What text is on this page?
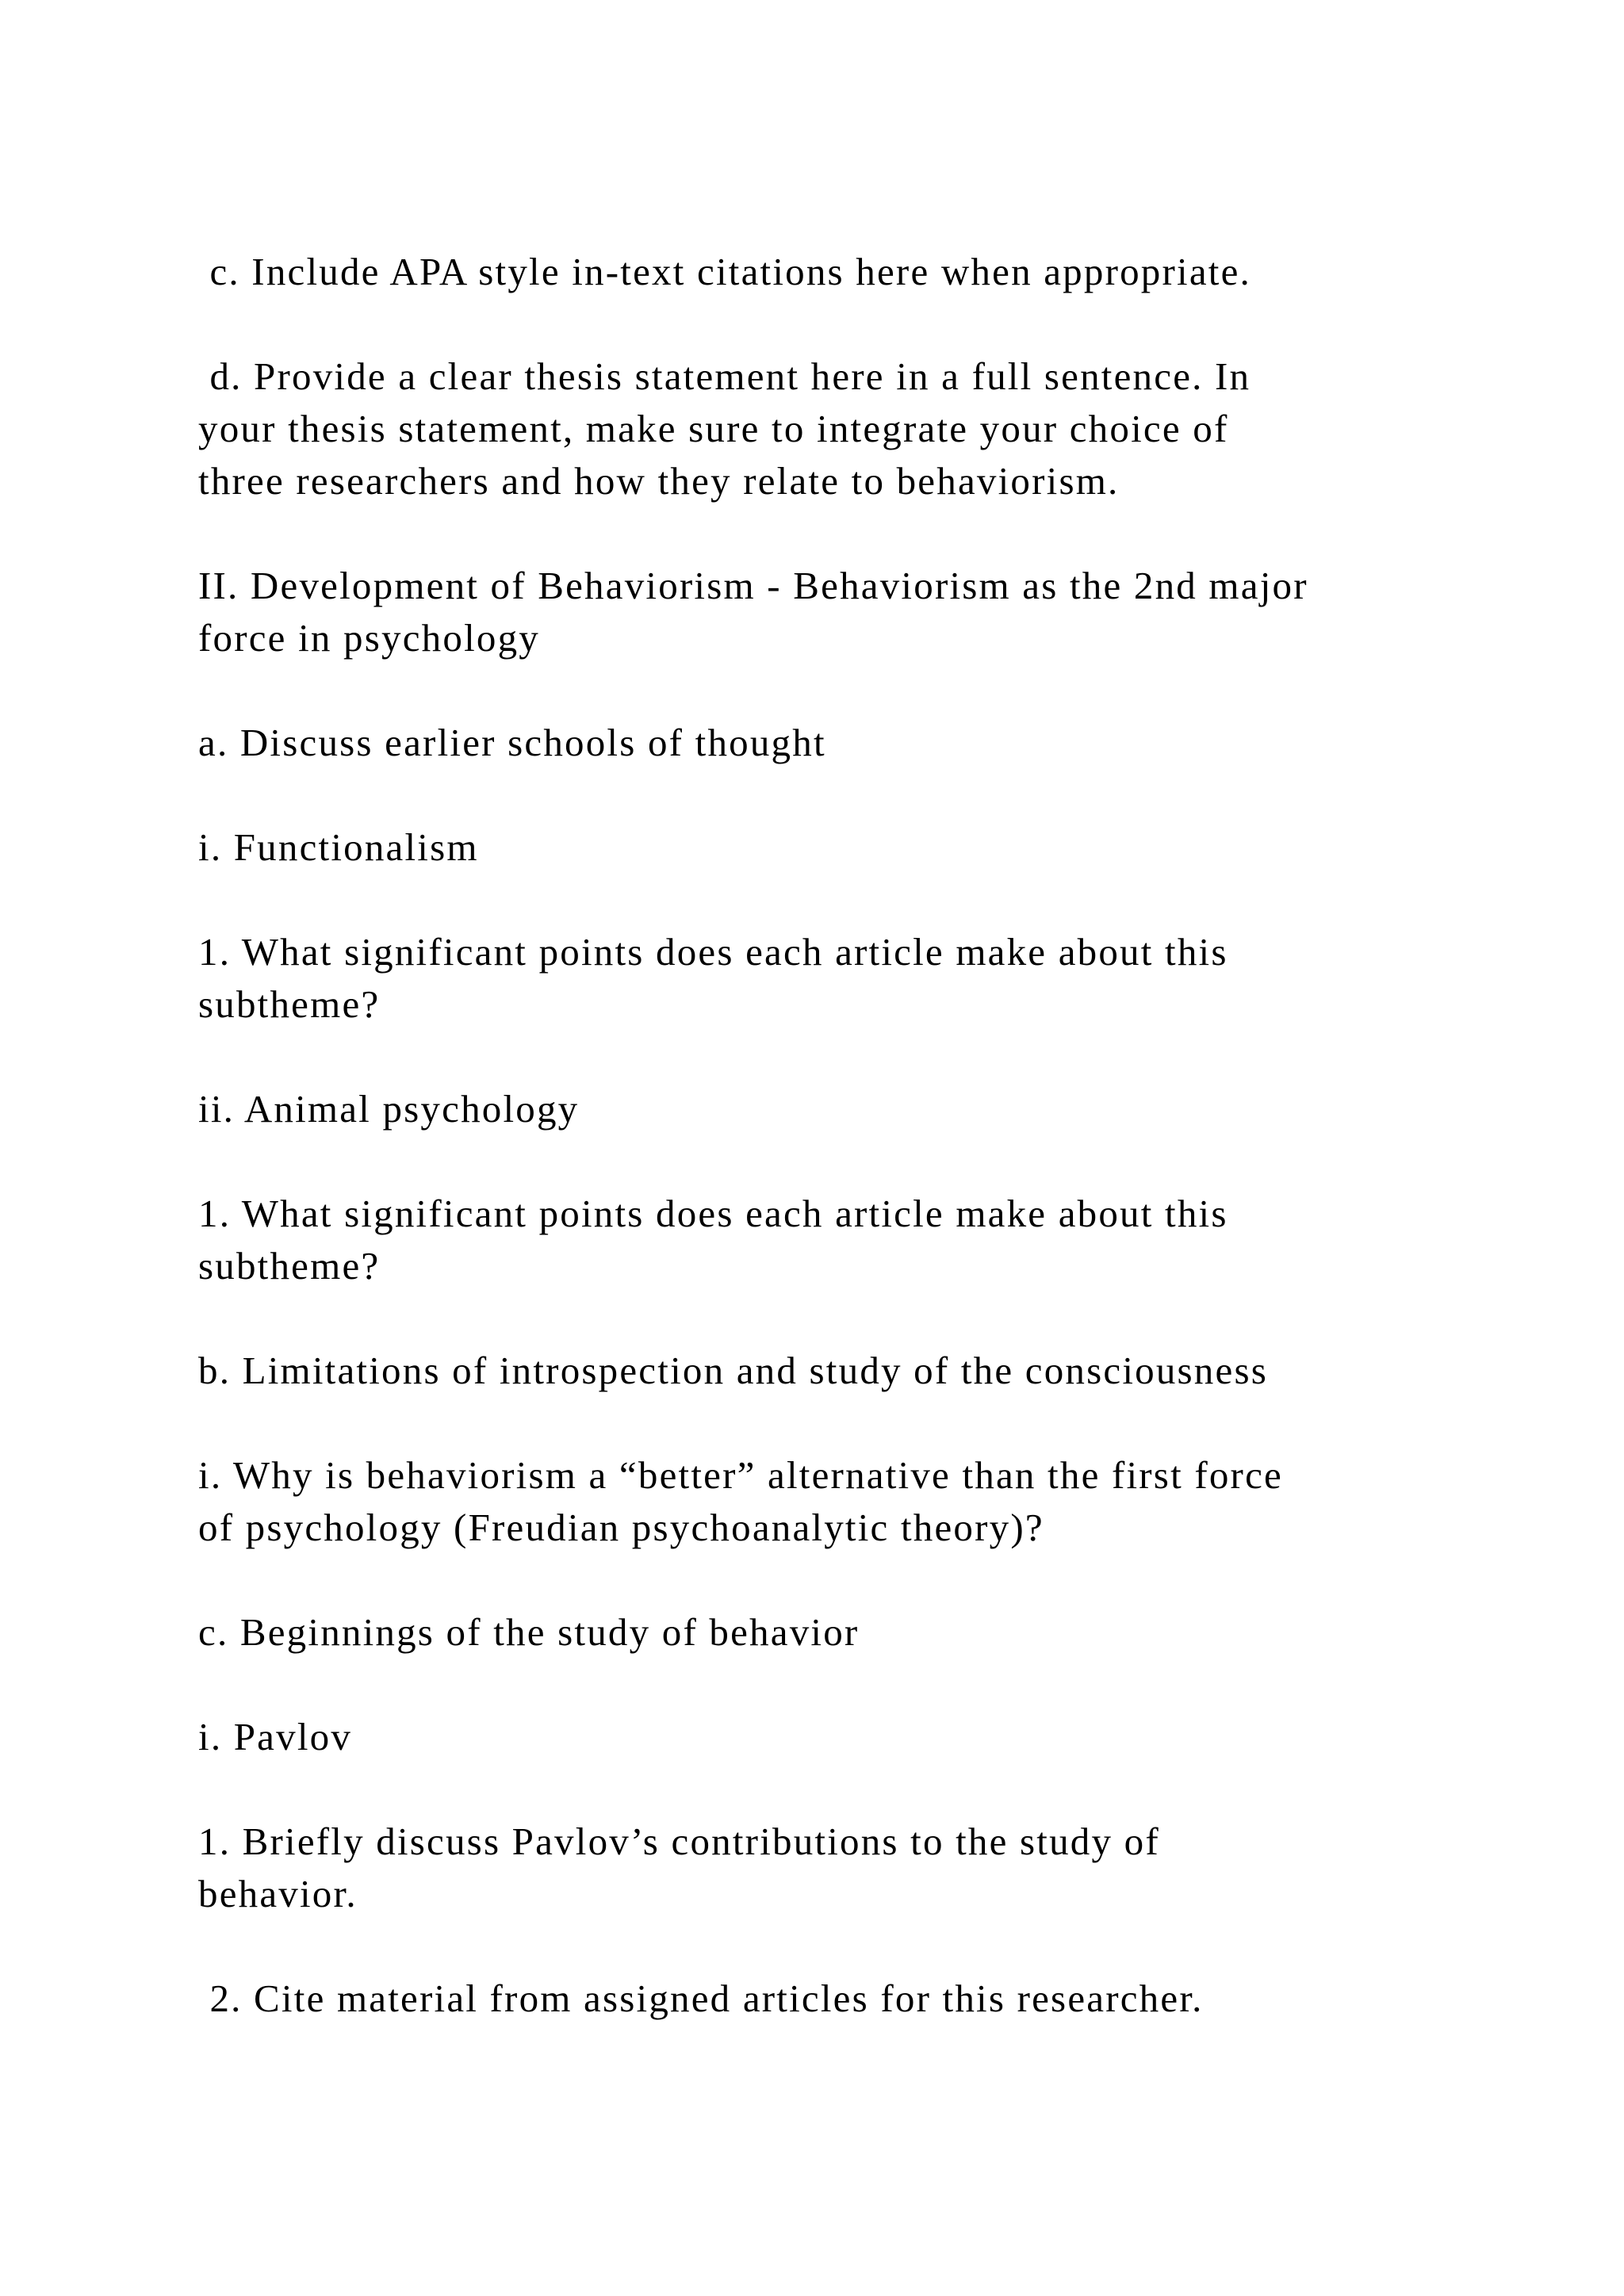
c. Include APA style in-text citations here when appropriate.

d. Provide a clear thesis statement here in a full sentence. In
your thesis statement, make sure to integrate your choice of
three researchers and how they relate to behaviorism.

II. Development of Behaviorism - Behaviorism as the 2nd major
force in psychology

a. Discuss earlier schools of thought

i. Functionalism

1. What significant points does each article make about this
subtheme?

ii. Animal psychology

1. What significant points does each article make about this
subtheme?

b. Limitations of introspection and study of the consciousness

i. Why is behaviorism a “better” alternative than the first force
of psychology (Freudian psychoanalytic theory)?

c. Beginnings of the study of behavior

i. Pavlov

1. Briefly discuss Pavlov’s contributions to the study of
behavior.

2. Cite material from assigned articles for this researcher.
